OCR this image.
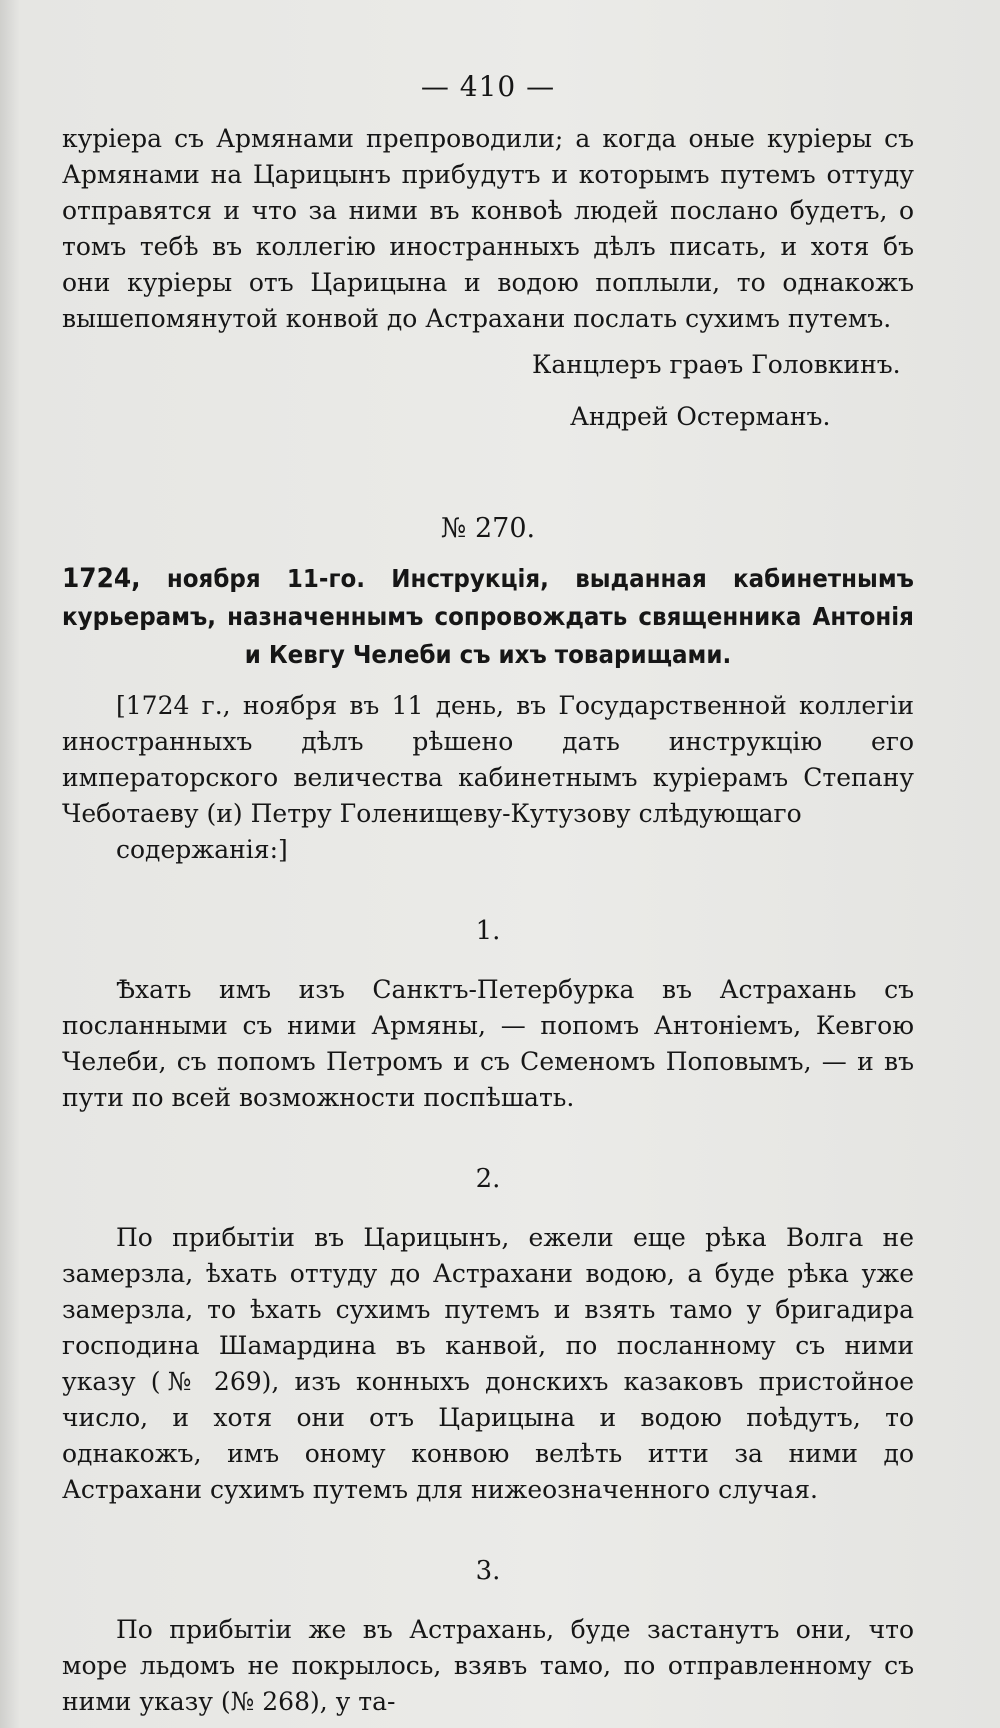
— 410 —

куріера съ Армянами препроводили; а когда оные куріеры съ Армянами на Царицынъ прибудутъ и которымъ путемъ оттуду отправятся и что за ними въ конвоѣ людей послано будетъ, о томъ тебѣ въ коллегію иностранныхъ дѣлъ писать, и хотя бъ они куріеры отъ Царицына и водою поплыли, то однакожъ вышепомянутой конвой до Астрахани послать сухимъ путемъ.

Канцлеръ граѳъ Головкинъ.
Андрей Остерманъ.
№ 270.

1724, ноября 11-го. Инструкція, выданная кабинетнымъ курьерамъ, назначеннымъ сопровождать священника Антонія и Кевгу Челеби съ ихъ товарищами.

[1724 г., ноября въ 11 день, въ Государственной коллегіи иностранныхъ дѣлъ рѣшено дать инструкцію его императорского величества кабинетнымъ куріерамъ Степану Чеботаеву (и) Петру Голенищеву-Кутузову слѣдующаго
содержанія:]

1.

Ѣхать имъ изъ Санктъ-Петербурка въ Астрахань съ посланными съ ними Армяны, — попомъ Антоніемъ, Кевгою Челеби, съ попомъ Петромъ и съ Семеномъ Поповымъ, — и въ пути по всей возможности поспѣшать.

2.

По прибытіи въ Царицынъ, ежели еще рѣка Волга не замерзла, ѣхать оттуду до Астрахани водою, а буде рѣка уже замерзла, то ѣхать сухимъ путемъ и взять тамо у бригадира господина Шамардина въ канвой, по посланному съ ними указу (№ 269), изъ конныхъ донскихъ казаковъ пристойное число, и хотя они отъ Царицына и водою поѣдутъ, то однакожъ, имъ оному конвою велѣть итти за ними до Астрахани сухимъ путемъ для нижеозначенного случая.

3.

По прибытіи же въ Астрахань, буде застанутъ они, что море льдомъ не покрылось, взявъ тамо, по отправленному съ ними указу (№ 268), у та-
